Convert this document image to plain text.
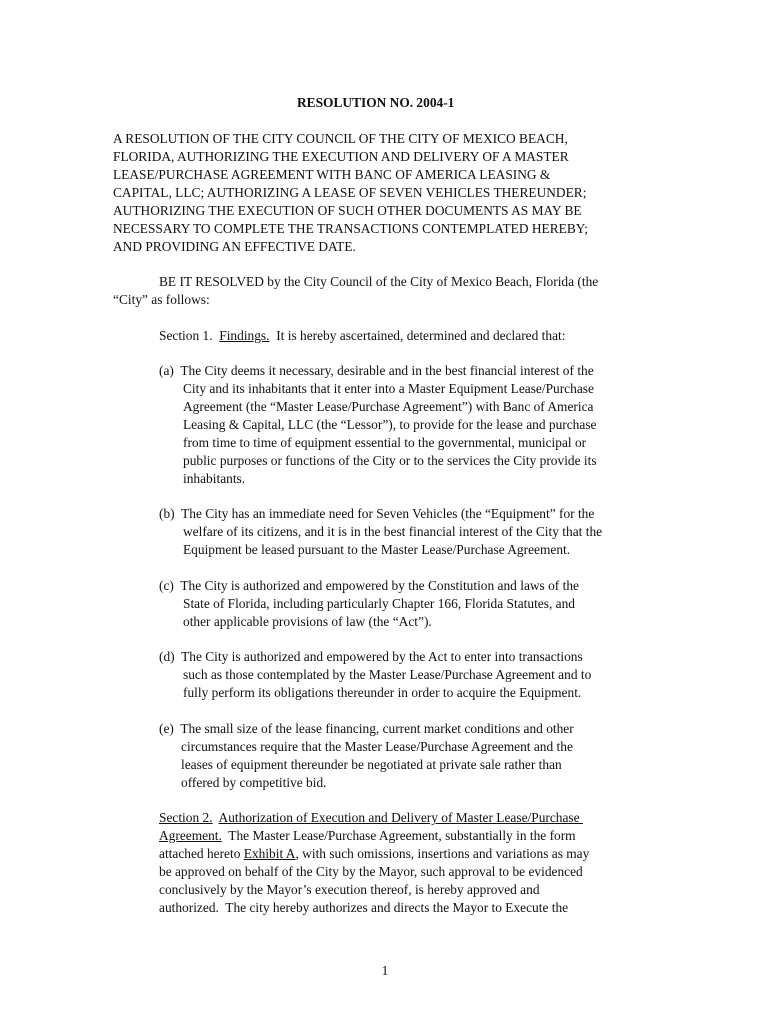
RESOLUTION NO. 2004-1
A RESOLUTION OF THE CITY COUNCIL OF THE CITY OF MEXICO BEACH,
FLORIDA, AUTHORIZING THE EXECUTION AND DELIVERY OF A MASTER
LEASE/PURCHASE AGREEMENT WITH BANC OF AMERICA LEASING &
CAPITAL, LLC; AUTHORIZING A LEASE OF SEVEN VEHICLES THEREUNDER;
AUTHORIZING THE EXECUTION OF SUCH OTHER DOCUMENTS AS MAY BE
NECESSARY TO COMPLETE THE TRANSACTIONS CONTEMPLATED HEREBY;
AND PROVIDING AN EFFECTIVE DATE.
BE IT RESOLVED by the City Council of the City of Mexico Beach, Florida (the
“City” as follows:
Section 1.  Findings.  It is hereby ascertained, determined and declared that:
(a)  The City deems it necessary, desirable and in the best financial interest of the
City and its inhabitants that it enter into a Master Equipment Lease/Purchase
Agreement (the “Master Lease/Purchase Agreement”) with Banc of America
Leasing & Capital, LLC (the “Lessor”), to provide for the lease and purchase
from time to time of equipment essential to the governmental, municipal or
public purposes or functions of the City or to the services the City provide its
inhabitants.
(b)  The City has an immediate need for Seven Vehicles (the “Equipment” for the
welfare of its citizens, and it is in the best financial interest of the City that the
Equipment be leased pursuant to the Master Lease/Purchase Agreement.
(c)  The City is authorized and empowered by the Constitution and laws of the
State of Florida, including particularly Chapter 166, Florida Statutes, and
other applicable provisions of law (the “Act”).
(d)  The City is authorized and empowered by the Act to enter into transactions
such as those contemplated by the Master Lease/Purchase Agreement and to
fully perform its obligations thereunder in order to acquire the Equipment.
(e)  The small size of the lease financing, current market conditions and other
circumstances require that the Master Lease/Purchase Agreement and the
leases of equipment thereunder be negotiated at private sale rather than
offered by competitive bid.
Section 2. Authorization of Execution and Delivery of Master Lease/Purchase
Agreement.  The Master Lease/Purchase Agreement, substantially in the form
attached hereto Exhibit A, with such omissions, insertions and variations as may
be approved on behalf of the City by the Mayor, such approval to be evidenced
conclusively by the Mayor’s execution thereof, is hereby approved and
authorized.  The city hereby authorizes and directs the Mayor to Execute the
1
